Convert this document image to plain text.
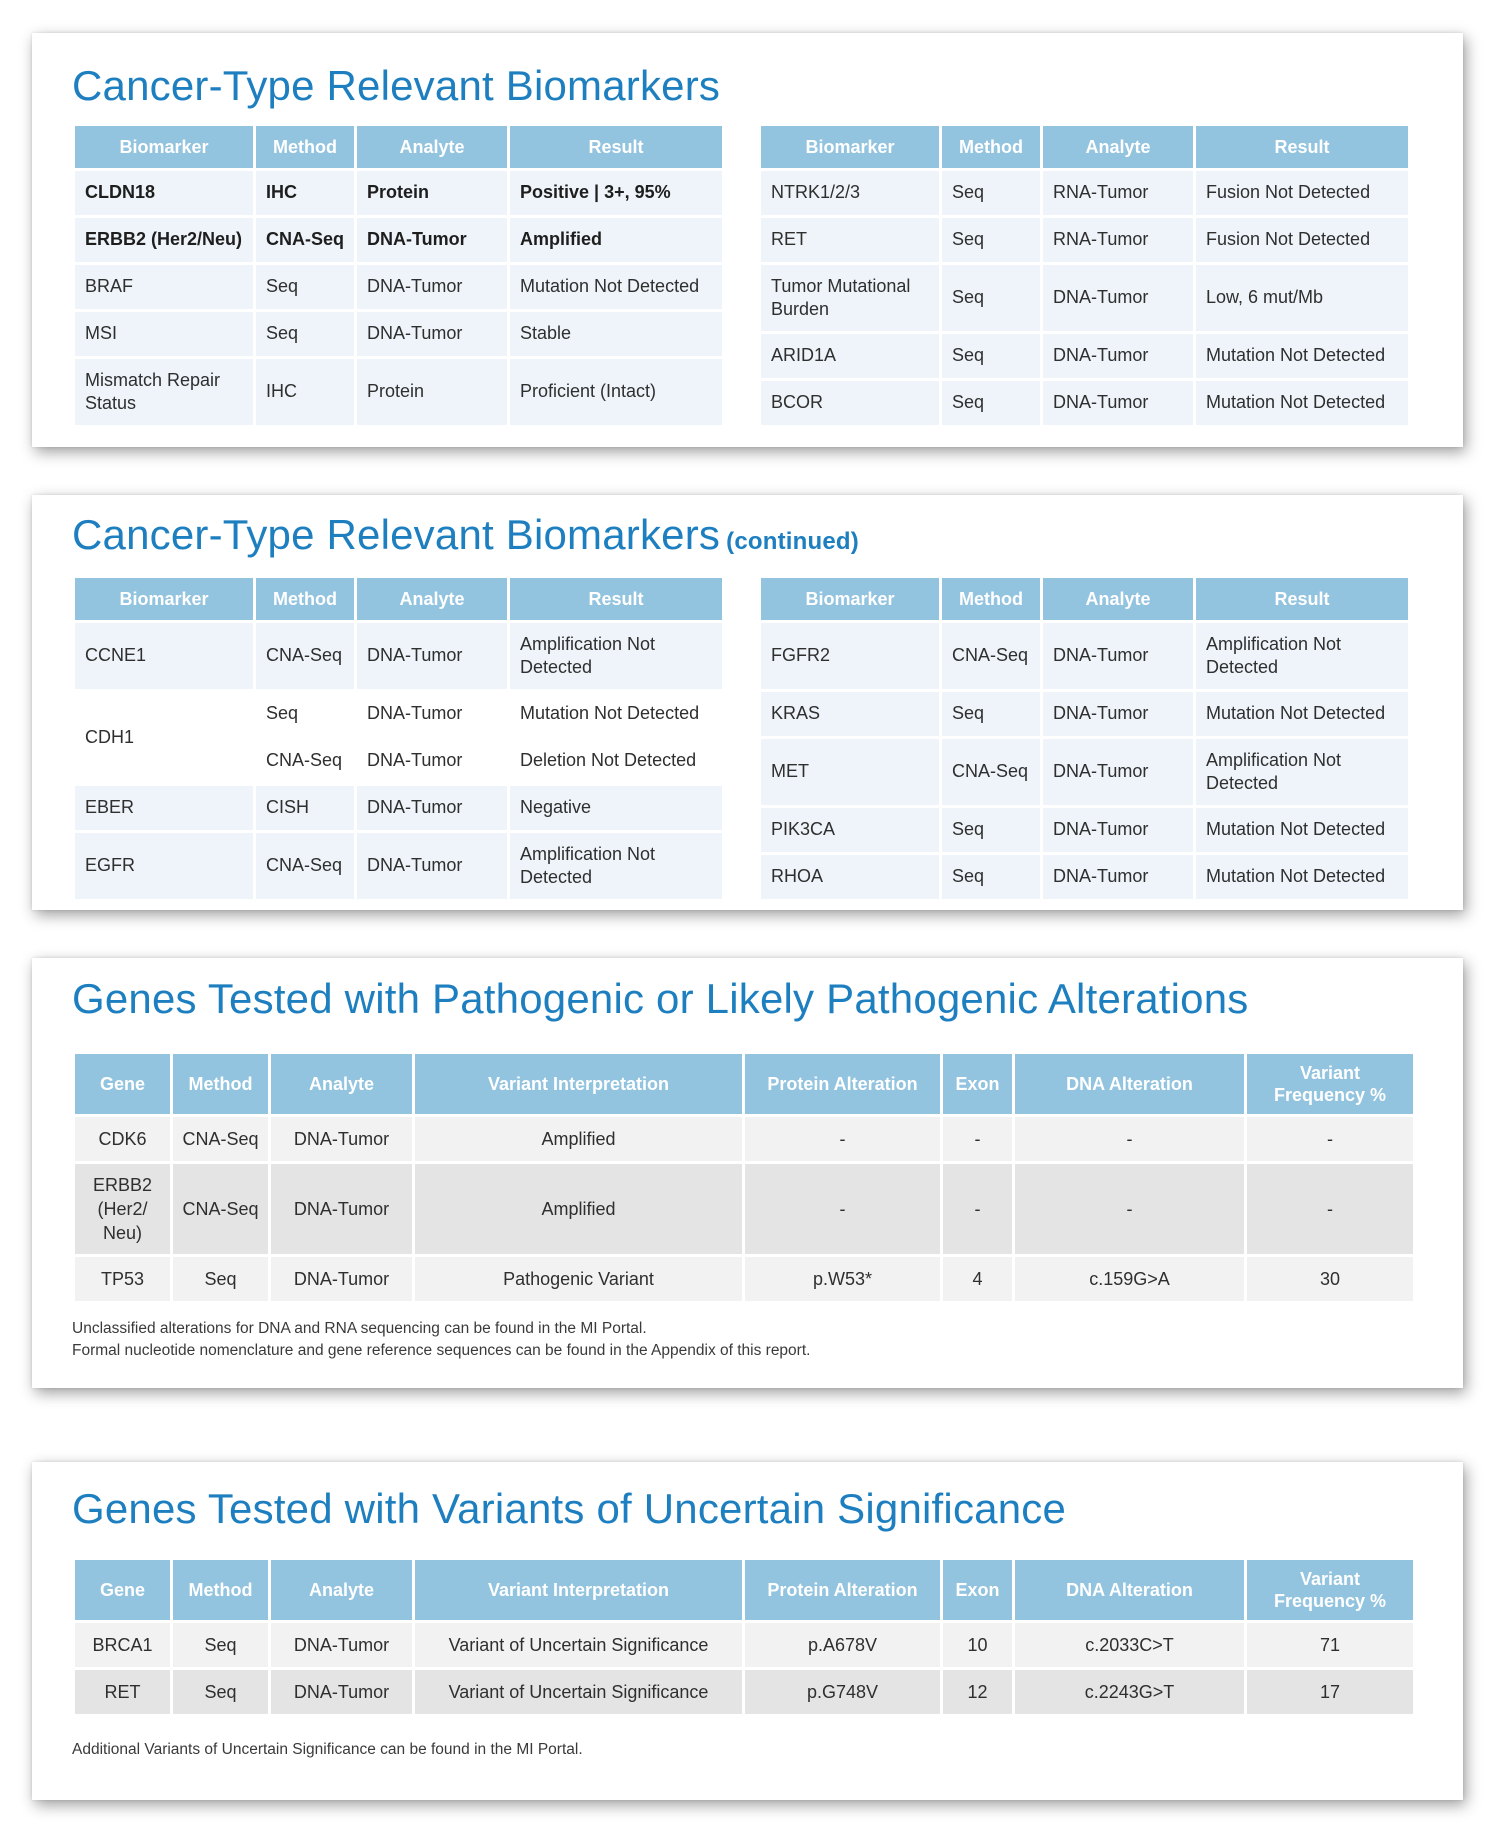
Cancer-Type Relevant Biomarkers
Biomarker	Method	Analyte	Result
CLDN18	IHC	Protein	Positive | 3+, 95%
ERBB2 (Her2/Neu)	CNA-Seq	DNA-Tumor	Amplified
BRAF	Seq	DNA-Tumor	Mutation Not Detected
MSI	Seq	DNA-Tumor	Stable
Mismatch Repair Status	IHC	Protein	Proficient (Intact)
Biomarker	Method	Analyte	Result
NTRK1/2/3	Seq	RNA-Tumor	Fusion Not Detected
RET	Seq	RNA-Tumor	Fusion Not Detected
Tumor Mutational Burden	Seq	DNA-Tumor	Low, 6 mut/Mb
ARID1A	Seq	DNA-Tumor	Mutation Not Detected
BCOR	Seq	DNA-Tumor	Mutation Not Detected
Cancer-Type Relevant Biomarkers (continued)
Biomarker	Method	Analyte	Result
CCNE1	CNA-Seq	DNA-Tumor	Amplification Not Detected
CDH1	Seq	DNA-Tumor	Mutation Not Detected
	CNA-Seq	DNA-Tumor	Deletion Not Detected
EBER	CISH	DNA-Tumor	Negative
EGFR	CNA-Seq	DNA-Tumor	Amplification Not Detected
Biomarker	Method	Analyte	Result
FGFR2	CNA-Seq	DNA-Tumor	Amplification Not Detected
KRAS	Seq	DNA-Tumor	Mutation Not Detected
MET	CNA-Seq	DNA-Tumor	Amplification Not Detected
PIK3CA	Seq	DNA-Tumor	Mutation Not Detected
RHOA	Seq	DNA-Tumor	Mutation Not Detected
Genes Tested with Pathogenic or Likely Pathogenic Alterations
Gene	Method	Analyte	Variant Interpretation	Protein Alteration	Exon	DNA Alteration	Variant Frequency %
CDK6	CNA-Seq	DNA-Tumor	Amplified	-	-	-	-
ERBB2 (Her2/ Neu)	CNA-Seq	DNA-Tumor	Amplified	-	-	-	-
TP53	Seq	DNA-Tumor	Pathogenic Variant	p.W53*	4	c.159G>A	30
Unclassified alterations for DNA and RNA sequencing can be found in the MI Portal.
Formal nucleotide nomenclature and gene reference sequences can be found in the Appendix of this report.
Genes Tested with Variants of Uncertain Significance
Gene	Method	Analyte	Variant Interpretation	Protein Alteration	Exon	DNA Alteration	Variant Frequency %
BRCA1	Seq	DNA-Tumor	Variant of Uncertain Significance	p.A678V	10	c.2033C>T	71
RET	Seq	DNA-Tumor	Variant of Uncertain Significance	p.G748V	12	c.2243G>T	17
Additional Variants of Uncertain Significance can be found in the MI Portal.
